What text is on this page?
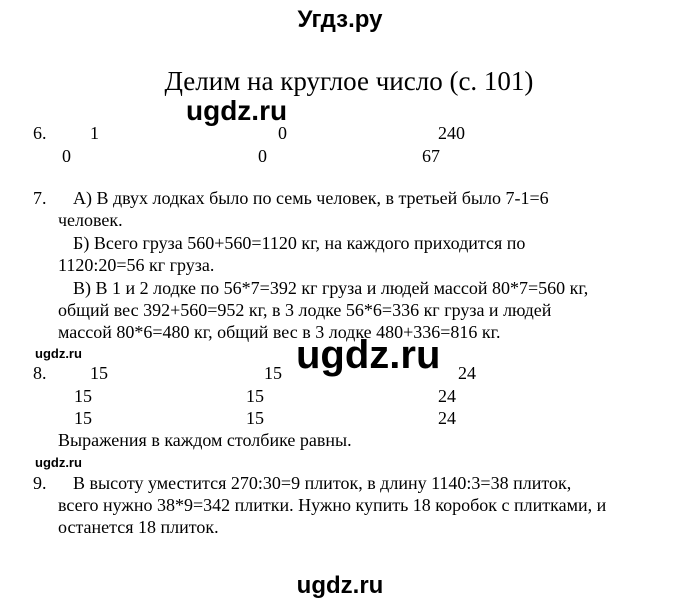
Угдз.ру
Делим на круглое число (с. 101)
ugdz.ru
6. 1	0	240
0	0	67
7. А) В двух лодках было по семь человек, в третьей было 7-1=6
человек.
Б) Всего груза 560+560=1120 кг, на каждого приходится по
1120:20=56 кг груза.
В) В 1 и 2 лодке по 56*7=392 кг груза и людей массой 80*7=560 кг,
общий вес 392+560=952 кг, в 3 лодке 56*6=336 кг груза и людей
массой 80*6=480 кг, общий вес в 3 лодке 480+336=816 кг.
ugdz.ru	ugdz.ru
8. 15	15	24
15	15	24
15	15	24
Выражения в каждом столбике равны.
ugdz.ru
9. В высоту уместится 270:30=9 плиток, в длину 1140:3=38 плиток,
всего нужно 38*9=342 плитки. Нужно купить 18 коробок с плитками, и
останется 18 плиток.
ugdz.ru
